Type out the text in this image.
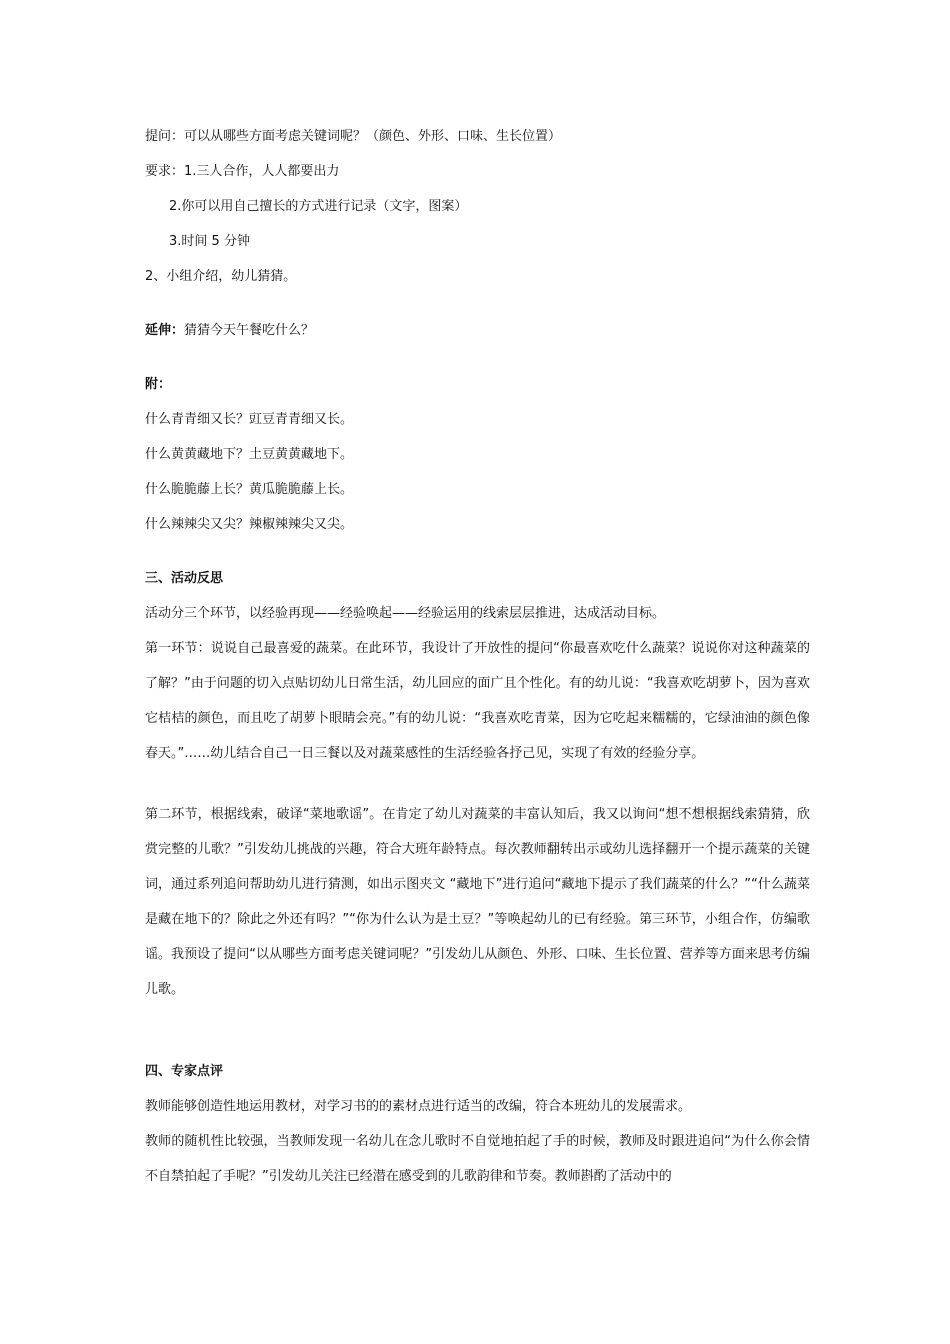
提问：可以从哪些方面考虑关键词呢？（颜色、外形、口味、生长位置）
要求：1.三人合作，人人都要出力
2.你可以用自己擅长的方式进行记录（文字，图案）
3.时间 5 分钟
2、小组介绍，幼儿猜猜。
延伸：猜猜今天午餐吃什么？
附：
什么青青细又长？豇豆青青细又长。
什么黄黄藏地下？土豆黄黄藏地下。
什么脆脆藤上长？黄瓜脆脆藤上长。
什么辣辣尖又尖？辣椒辣辣尖又尖。
三、活动反思
活动分三个环节，以经验再现——经验唤起——经验运用的线索层层推进，达成活动目标。
第一环节：说说自己最喜爱的蔬菜。在此环节，我设计了开放性的提问“你最喜欢吃什么蔬菜？说说你对这种蔬菜的了解？”由于问题的切入点贴切幼儿日常生活，幼儿回应的面广且个性化。有的幼儿说：“我喜欢吃胡萝卜，因为喜欢它桔桔的颜色，而且吃了胡萝卜眼睛会亮。”有的幼儿说：“我喜欢吃青菜，因为它吃起来糯糯的，它绿油油的颜色像春天。”……幼儿结合自己一日三餐以及对蔬菜感性的生活经验各抒己见，实现了有效的经验分享。
第二环节，根据线索，破译“菜地歌谣”。在肯定了幼儿对蔬菜的丰富认知后，我又以询问“想不想根据线索猜猜，欣赏完整的儿歌？”引发幼儿挑战的兴趣，符合大班年龄特点。每次教师翻转出示或幼儿选择翻开一个提示蔬菜的关键词，通过系列追问帮助幼儿进行猜测，如出示图夹文 “藏地下”进行追问“藏地下提示了我们蔬菜的什么？”“什么蔬菜是藏在地下的？除此之外还有吗？”“你为什么认为是土豆？”等唤起幼儿的已有经验。第三环节，小组合作，仿编歌谣。我预设了提问“以从哪些方面考虑关键词呢？”引发幼儿从颜色、外形、口味、生长位置、营养等方面来思考仿编儿歌。
四、专家点评
教师能够创造性地运用教材，对学习书的的素材点进行适当的改编，符合本班幼儿的发展需求。
教师的随机性比较强，当教师发现一名幼儿在念儿歌时不自觉地拍起了手的时候，教师及时跟进追问“为什么你会情不自禁拍起了手呢？”引发幼儿关注已经潜在感受到的儿歌韵律和节奏。教师斟酌了活动中的
